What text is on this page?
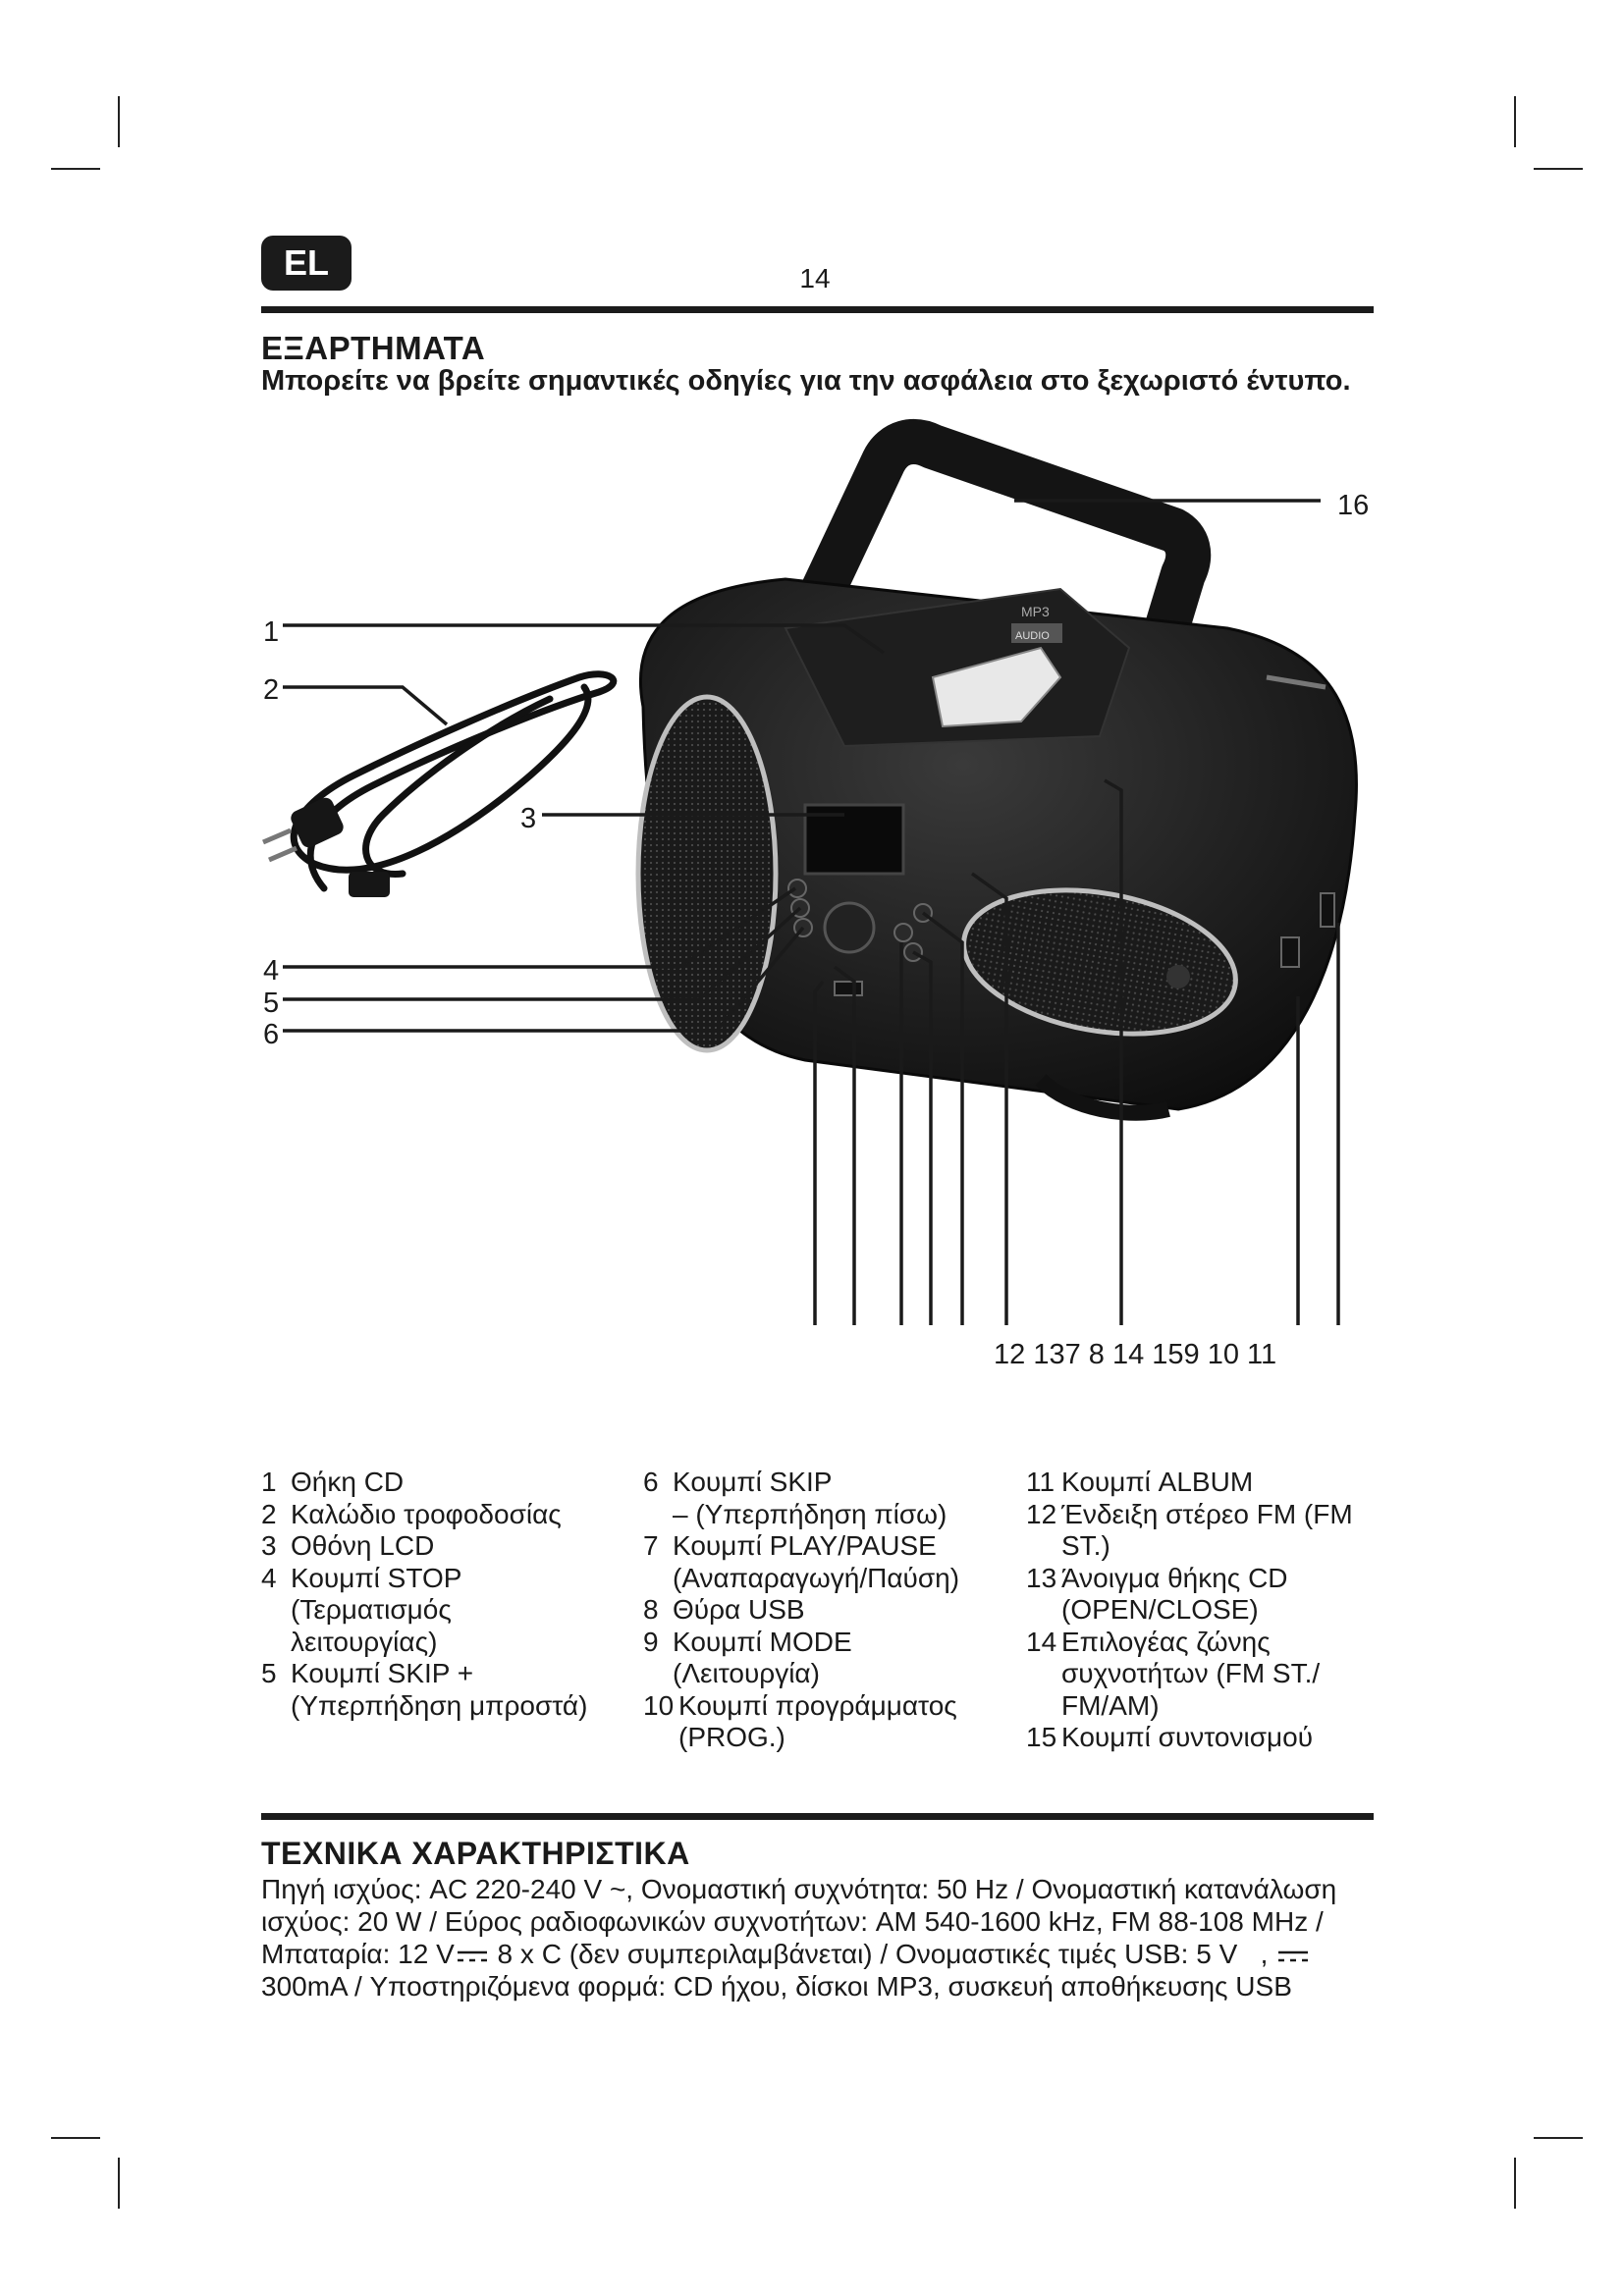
EL	14
ΕΞΑΡΤΗΜΑΤΑ
Μπορείτε να βρείτε σημαντικές οδηγίες για την ασφάλεια στο ξεχωριστό έντυπο.
MP3
AUDIO
1
2
3
4
5
6
16
12 137 8 14 159 10 11
1 Θήκη CD
2 Καλώδιο τροφοδοσίας
3 Οθόνη LCD
4 Κουμπί STOP
(Τερματισμός
λειτουργίας)
5 Κουμπί SKIP +
(Υπερπήδηση μπροστά)
6 Κουμπί SKIP
– (Υπερπήδηση πίσω)
7 Κουμπί PLAY/PAUSE
(Αναπαραγωγή/Παύση)
8 Θύρα USB
9 Κουμπί MODE
(Λειτουργία)
10 Κουμπί προγράμματος
(PROG.)
11 Κουμπί ALBUM
12 Ένδειξη στέρεο FM (FM
ST.)
13 Άνοιγμα θήκης CD
(OPEN/CLOSE)
14 Επιλογέας ζώνης
συχνοτήτων (FM ST./
FM/AM)
15 Κουμπί συντονισμού
ΤΕΧΝΙΚΑ ΧΑΡΑΚΤΗΡΙΣΤΙΚΑ
Πηγή ισχύος: AC 220-240 V ~, Ονομαστική συχνότητα: 50 Hz / Ονομαστική κατανάλωση ισχύος: 20 W / Εύρος ραδιοφωνικών συχνοτήτων: AM 540-1600 kHz, FM 88-108 MHz / Μπαταρία: 12 V 8 x C (δεν συμπεριλαμβάνεται) / Ονομαστικές τιμές USB: 5 V ,  300mA / Υποστηριζόμενα φορμά: CD ήχου, δίσκοι MP3, συσκευή αποθήκευσης USB
